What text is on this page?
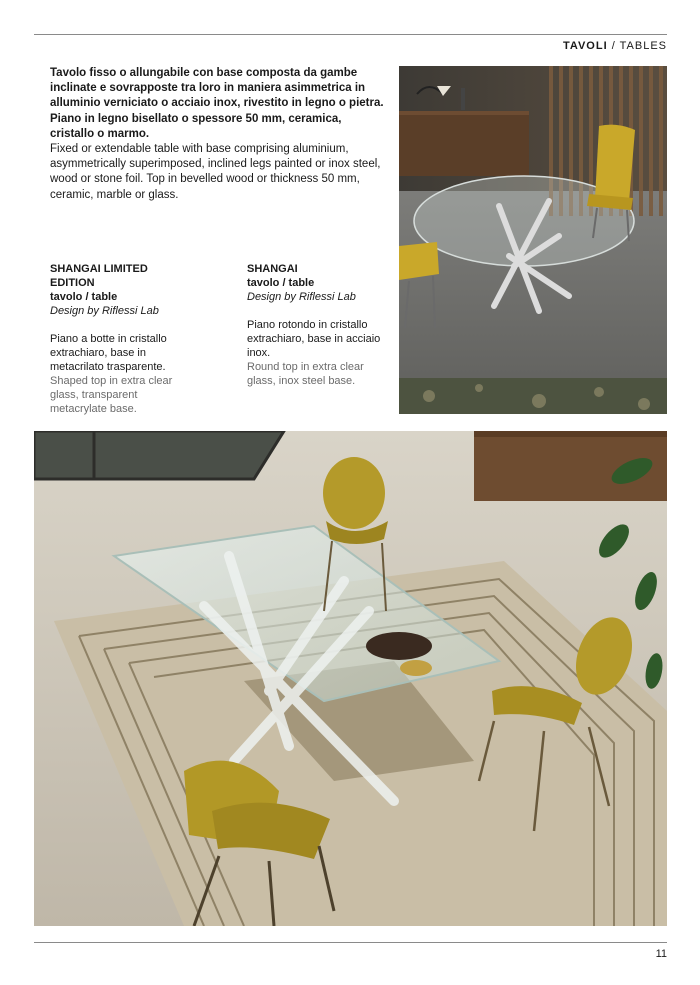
TAVOLI / TABLES
Tavolo fisso o allungabile con base composta da gambe inclinate e sovrapposte tra loro in maniera asimmetrica in alluminio verniciato o acciaio inox, rivestito in legno o pietra. Piano in legno bisellato o spessore 50 mm, ceramica, cristallo o marmo.
Fixed or extendable table with base comprising aluminium, asymmetrically superimposed, inclined legs painted or inox steel, wood or stone foil. Top in bevelled wood or thickness 50 mm, ceramic, marble or glass.
SHANGAI LIMITED EDITION
tavolo / table
Design by Riflessi Lab
Piano a botte in cristallo extrachiaro, base in metacrilato trasparente.
Shaped top in extra clear glass, transparent metacrylate base.
SHANGAI
tavolo / table
Design by Riflessi Lab
Piano rotondo in cristallo extrachiaro, base in acciaio inox.
Round top in extra clear glass, inox steel base.
11
